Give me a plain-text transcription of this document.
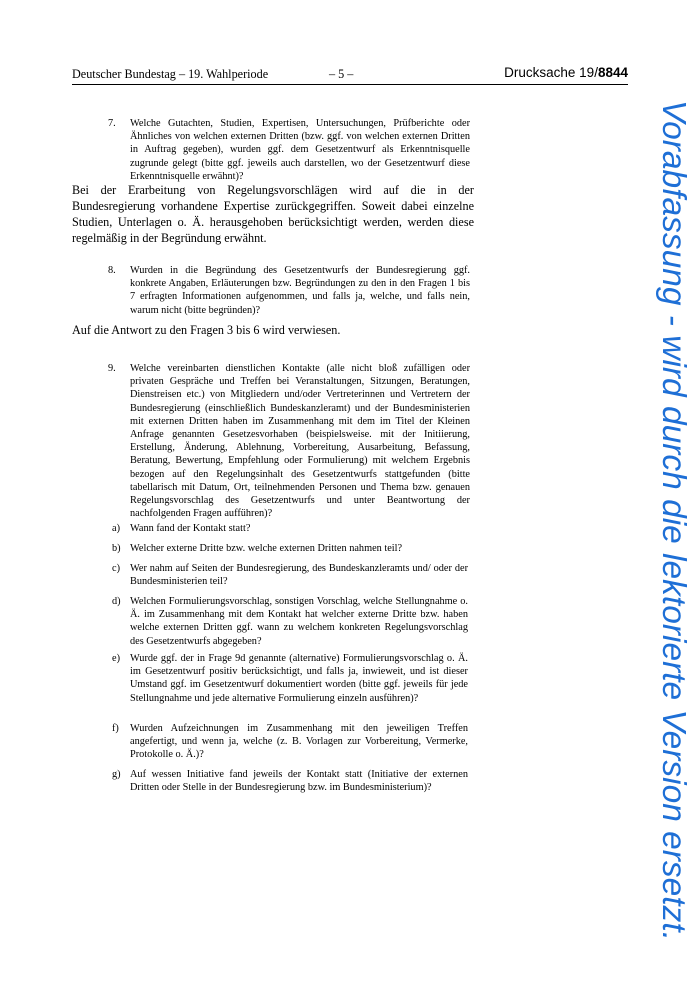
Deutscher Bundestag – 19. Wahlperiode	– 5 –	Drucksache 19/8844
7. Welche Gutachten, Studien, Expertisen, Untersuchungen, Prüfberichte oder Ähnliches von welchen externen Dritten (bzw. ggf. von welchen externen Dritten in Auftrag gegeben), wurden ggf. dem Gesetzentwurf als Erkenntnisquelle zugrunde gelegt (bitte ggf. jeweils auch darstellen, wo der Gesetzentwurf diese Erkenntnisquelle erwähnt)?
Bei der Erarbeitung von Regelungsvorschlägen wird auf die in der Bundesregierung vorhandene Expertise zurückgegriffen. Soweit dabei einzelne Studien, Unterlagen o. Ä. herausgehoben berücksichtigt werden, werden diese regelmäßig in der Begründung erwähnt.
8. Wurden in die Begründung des Gesetzentwurfs der Bundesregierung ggf. konkrete Angaben, Erläuterungen bzw. Begründungen zu den in den Fragen 1 bis 7 erfragten Informationen aufgenommen, und falls ja, welche, und falls nein, warum nicht (bitte begründen)?
Auf die Antwort zu den Fragen 3 bis 6 wird verwiesen.
9. Welche vereinbarten dienstlichen Kontakte (alle nicht bloß zufälligen oder privaten Gespräche und Treffen bei Veranstaltungen, Sitzungen, Beratungen, Dienstreisen etc.) von Mitgliedern und/oder Vertreterinnen und Vertretern der Bundesregierung (einschließlich Bundeskanzleramt) und der Bundesministerien mit externen Dritten haben im Zusammenhang mit dem im Titel der Kleinen Anfrage genannten Gesetzesvorhaben (beispielsweise. mit der Initiierung, Erstellung, Änderung, Ablehnung, Vorbereitung, Ausarbeitung, Befassung, Beratung, Bewertung, Empfehlung oder Formulierung) mit welchem Ergebnis bezogen auf den Regelungsinhalt des Gesetzentwurfs stattgefunden (bitte tabellarisch mit Datum, Ort, teilnehmenden Personen und Thema bzw. genauen Regelungsvorschlag des Gesetzentwurfs und unter Beantwortung der nachfolgenden Fragen aufführen)?
a) Wann fand der Kontakt statt?
b) Welcher externe Dritte bzw. welche externen Dritten nahmen teil?
c) Wer nahm auf Seiten der Bundesregierung, des Bundeskanzleramts und/ oder der Bundesministerien teil?
d) Welchen Formulierungsvorschlag, sonstigen Vorschlag, welche Stellungnahme o. Ä. im Zusammenhang mit dem Kontakt hat welcher externe Dritte bzw. haben welche externen Dritten ggf. wann zu welchem konkreten Regelungsvorschlag des Gesetzentwurfs abgegeben?
e) Wurde ggf. der in Frage 9d genannte (alternative) Formulierungsvorschlag o. Ä. im Gesetzentwurf positiv berücksichtigt, und falls ja, inwieweit, und ist dieser Umstand ggf. im Gesetzentwurf dokumentiert worden (bitte ggf. jeweils für jede Stellungnahme und jede alternative Formulierung einzeln ausführen)?
f) Wurden Aufzeichnungen im Zusammenhang mit den jeweiligen Treffen angefertigt, und wenn ja, welche (z. B. Vorlagen zur Vorbereitung, Vermerke, Protokolle o. Ä.)?
g) Auf wessen Initiative fand jeweils der Kontakt statt (Initiative der externen Dritten oder Stelle in der Bundesregierung bzw. im Bundesministerium)?	Vorabfassung - wird durch die lektorierte Version ersetzt.
